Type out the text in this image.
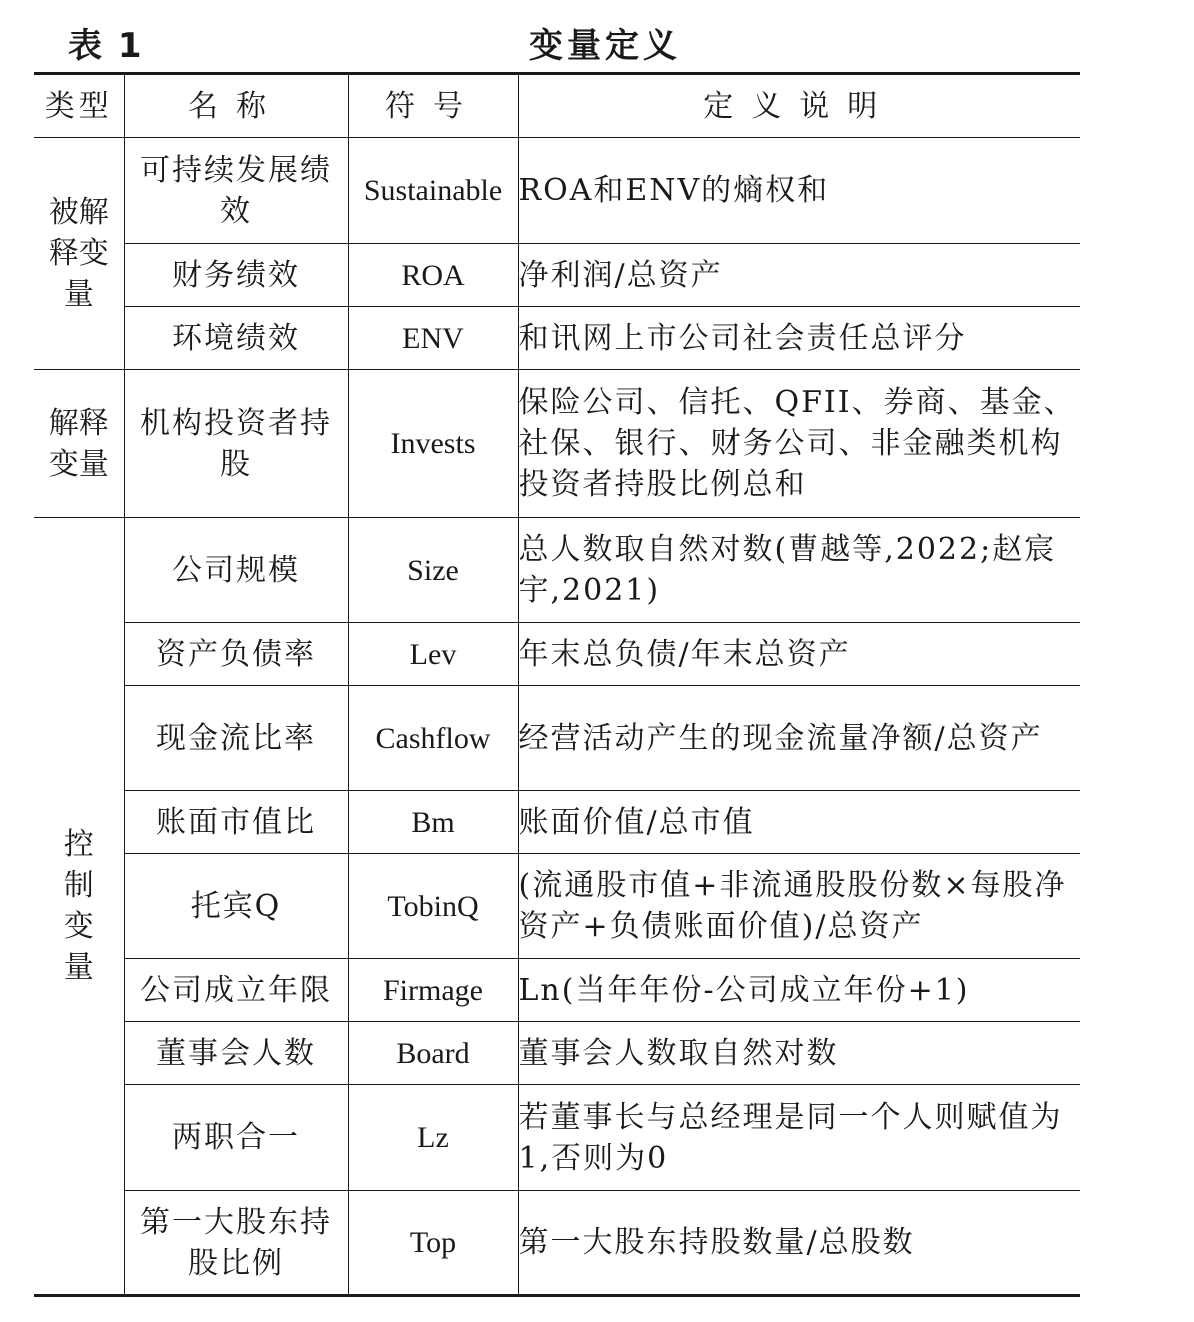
表 1	变量定义
类型	名称	符号	定义说明
被解释变量	可持续发展绩效	Sustainable	ROA和ENV的熵权和
	财务绩效	ROA	净利润/总资产
	环境绩效	ENV	和讯网上市公司社会责任总评分
解释变量	机构投资者持股	Invests	保险公司、信托、QFII、券商、基金、社保、银行、财务公司、非金融类机构投资者持股比例总和

控制变量	公司规模	Size	总人数取自然对数(曹越等,2022;赵宸宇,2021)
	资产负债率	Lev	年末总负债/年末总资产
	现金流比率	Cashflow	经营活动产生的现金流量净额/总资产
	账面市值比	Bm	账面价值/总市值
	托宾Q	TobinQ	(流通股市值+非流通股股份数×每股净资产+负债账面价值)/总资产
	公司成立年限	Firmage	Ln(当年年份-公司成立年份+1)
	董事会人数	Board	董事会人数取自然对数
	两职合一	Lz	若董事长与总经理是同一个人则赋值为1,否则为0
	第一大股东持股比例	Top	第一大股东持股数量/总股数
